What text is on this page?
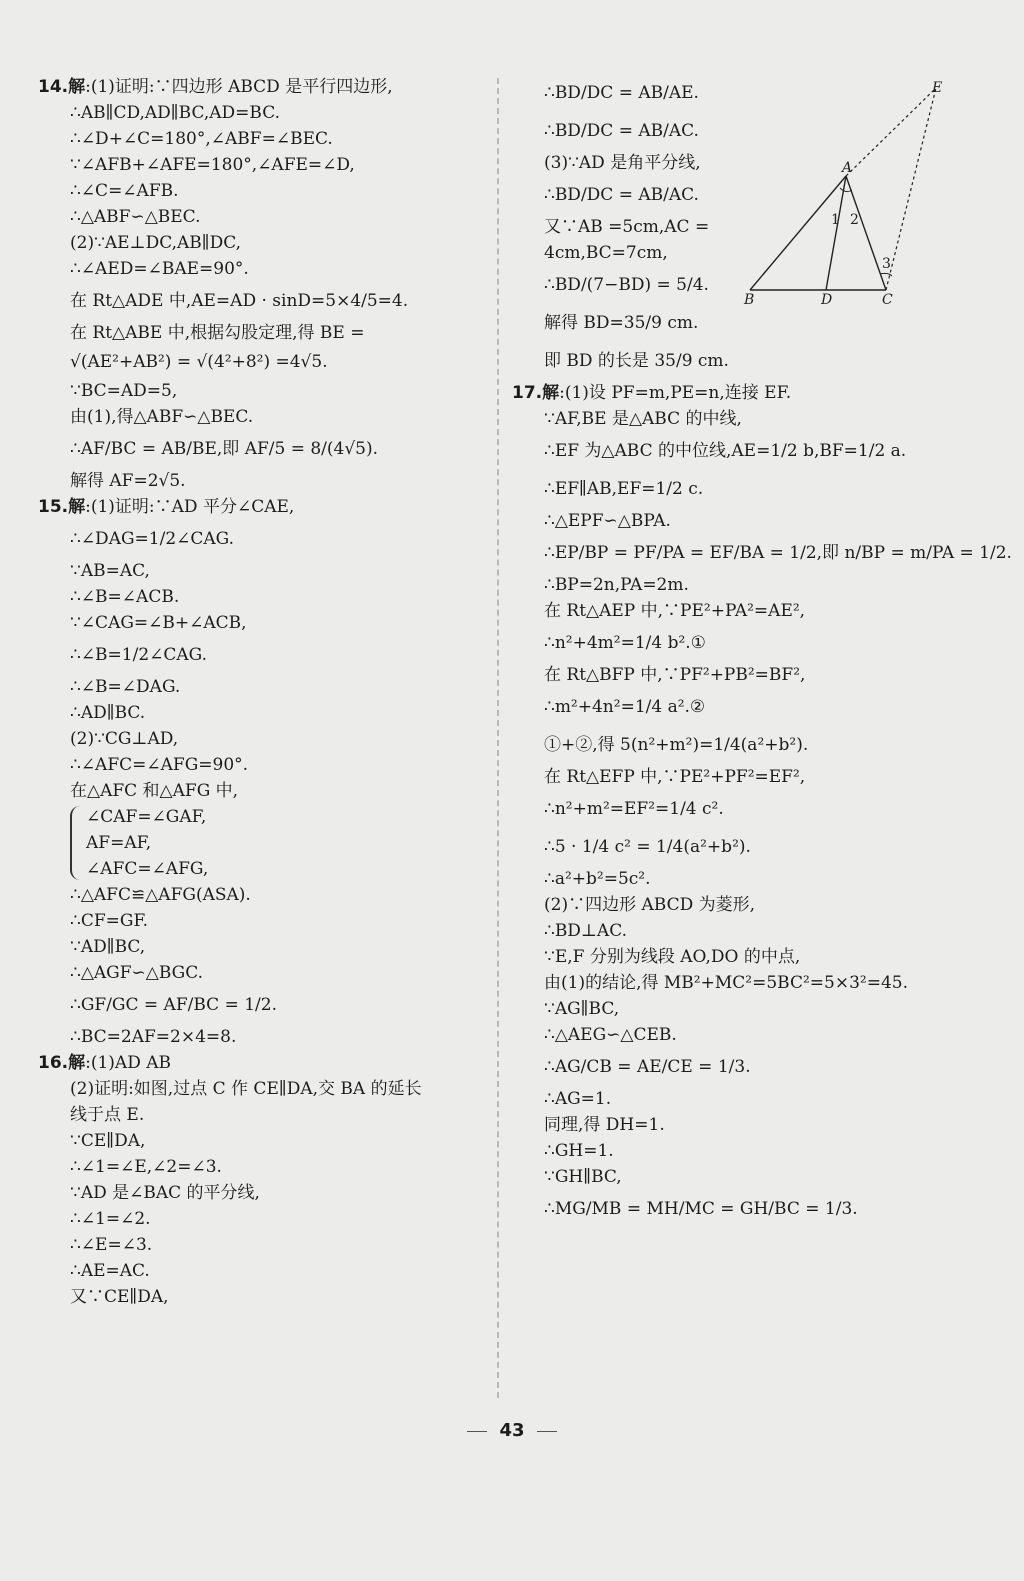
14.解:(1)证明:∵四边形 ABCD 是平行四边形,
∴AB∥CD,AD∥BC,AD=BC.
∴∠D+∠C=180°,∠ABF=∠BEC.
∵∠AFB+∠AFE=180°,∠AFE=∠D,
∴∠C=∠AFB.
∴△ABF∽△BEC.
(2)∵AE⊥DC,AB∥DC,
∴∠AED=∠BAE=90°.
在 Rt△ADE 中,AE=AD · sinD=5×4/5=4.
在 Rt△ABE 中,根据勾股定理,得 BE =
√(AE²+AB²) = √(4²+8²) =4√5.
∵BC=AD=5,
由(1),得△ABF∽△BEC.
∴AF/BC = AB/BE,即 AF/5 = 8/(4√5).
解得 AF=2√5.
15.解:(1)证明:∵AD 平分∠CAE,
∴∠DAG=1/2∠CAG.
∵AB=AC,
∴∠B=∠ACB.
∵∠CAG=∠B+∠ACB,
∴∠B=1/2∠CAG.
∴∠B=∠DAG.
∴AD∥BC.
(2)∵CG⊥AD,
∴∠AFC=∠AFG=90°.
在△AFC 和△AFG 中,
∠CAF=∠GAF,
AF=AF,
∠AFC=∠AFG,
∴△AFC≌△AFG(ASA).
∴CF=GF.
∵AD∥BC,
∴△AGF∽△BGC.
∴GF/GC = AF/BC = 1/2.
∴BC=2AF=2×4=8.
16.解:(1)AD AB
(2)证明:如图,过点 C 作 CE∥DA,交 BA 的延长
线于点 E.
∵CE∥DA,
∴∠1=∠E,∠2=∠3.
∵AD 是∠BAC 的平分线,
∴∠1=∠2.
∴∠E=∠3.
∴AE=AC.
又∵CE∥DA,
∴BD/DC = AB/AE.
∴BD/DC = AB/AC.
(3)∵AD 是角平分线,
∴BD/DC = AB/AC.
又∵AB =5cm,AC =
4cm,BC=7cm,
∴BD/(7−BD) = 5/4.
解得 BD=35/9 cm.
即 BD 的长是 35/9 cm.
17.解:(1)设 PF=m,PE=n,连接 EF.
∵AF,BE 是△ABC 的中线,
∴EF 为△ABC 的中位线,AE=1/2 b,BF=1/2 a.
∴EF∥AB,EF=1/2 c.
∴△EPF∽△BPA.
∴EP/BP = PF/PA = EF/BA = 1/2,即 n/BP = m/PA = 1/2.
∴BP=2n,PA=2m.
在 Rt△AEP 中,∵PE²+PA²=AE²,
∴n²+4m²=1/4 b².①
在 Rt△BFP 中,∵PF²+PB²=BF²,
∴m²+4n²=1/4 a².②
①+②,得 5(n²+m²)=1/4(a²+b²).
在 Rt△EFP 中,∵PE²+PF²=EF²,
∴n²+m²=EF²=1/4 c².
∴5 · 1/4 c² = 1/4(a²+b²).
∴a²+b²=5c².
(2)∵四边形 ABCD 为菱形,
∴BD⊥AC.
∵E,F 分别为线段 AO,DO 的中点,
由(1)的结论,得 MB²+MC²=5BC²=5×3²=45.
∵AG∥BC,
∴△AEG∽△CEB.
∴AG/CB = AE/CE = 1/3.
∴AG=1.
同理,得 DH=1.
∴GH=1.
∵GH∥BC,
∴MG/MB = MH/MC = GH/BC = 1/3.
E
A
B	D	C
1 2
3
43
